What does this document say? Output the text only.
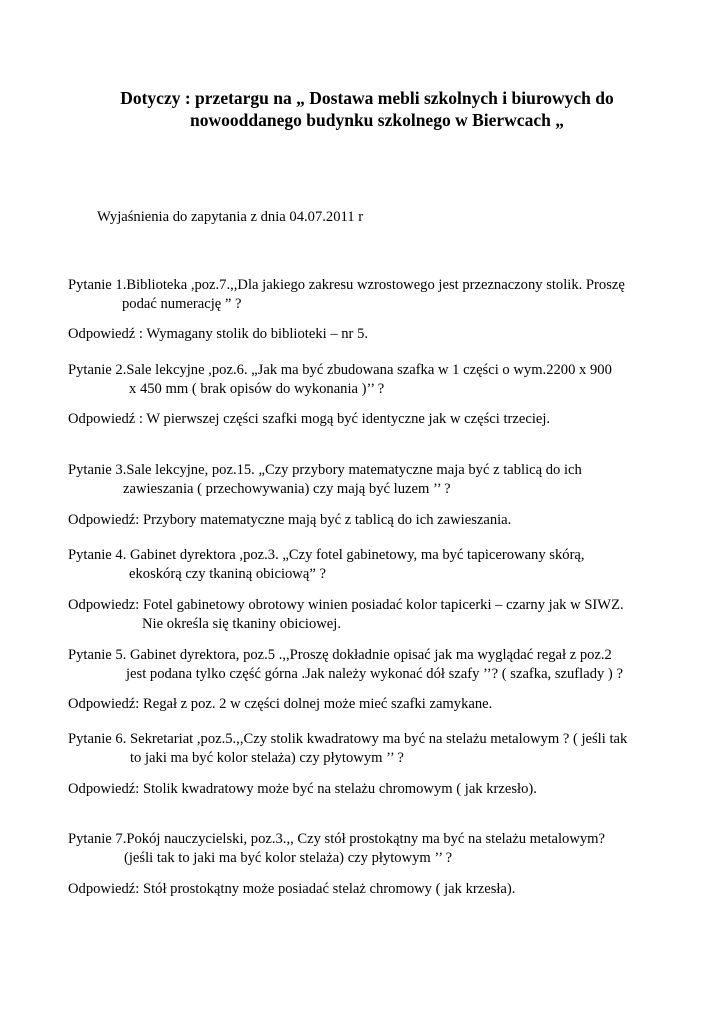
Dotyczy : przetargu na „ Dostawa mebli szkolnych i biurowych do
nowooddanego budynku szkolnego w Bierwcach „
Wyjaśnienia do zapytania z dnia 04.07.2011 r
Pytanie 1.Biblioteka ,poz.7.,,Dla jakiego zakresu wzrostowego jest przeznaczony stolik. Proszę
podać numerację ” ?
Odpowiedź : Wymagany stolik do biblioteki – nr 5.
Pytanie 2.Sale lekcyjne ,poz.6. „Jak ma być zbudowana szafka w 1 części o wym.2200 x 900
x 450 mm ( brak opisów do wykonania )’’ ?
Odpowiedź : W pierwszej części szafki mogą być identyczne jak w części trzeciej.
Pytanie 3.Sale lekcyjne, poz.15. „Czy przybory matematyczne maja być z tablicą do ich
zawieszania ( przechowywania) czy mają być luzem ’’ ?
Odpowiedź: Przybory matematyczne mają być z tablicą do ich zawieszania.
Pytanie 4. Gabinet dyrektora ,poz.3. „Czy fotel gabinetowy, ma być tapicerowany skórą,
ekoskórą czy tkaniną obiciową” ?
Odpowiedz: Fotel gabinetowy obrotowy winien posiadać kolor tapicerki – czarny jak w SIWZ.
Nie określa się tkaniny obiciowej.
Pytanie 5. Gabinet dyrektora, poz.5 .,,Proszę dokładnie opisać jak ma wyglądać regał z poz.2
jest podana tylko część górna .Jak należy wykonać dół szafy ’’? ( szafka, szuflady ) ?
Odpowiedź: Regał z poz. 2 w części dolnej może mieć szafki zamykane.
Pytanie 6. Sekretariat ,poz.5.,,Czy stolik kwadratowy ma być na stelażu metalowym ? ( jeśli tak
to jaki ma być kolor stelaża) czy płytowym ’’ ?
Odpowiedź: Stolik kwadratowy może być na stelażu chromowym ( jak krzesło).
Pytanie 7.Pokój nauczycielski, poz.3.,, Czy stół prostokątny ma być na stelażu metalowym?
(jeśli tak to jaki ma być kolor stelaża) czy płytowym ’’ ?
Odpowiedź: Stół prostokątny może posiadać stelaż chromowy ( jak krzesła).
